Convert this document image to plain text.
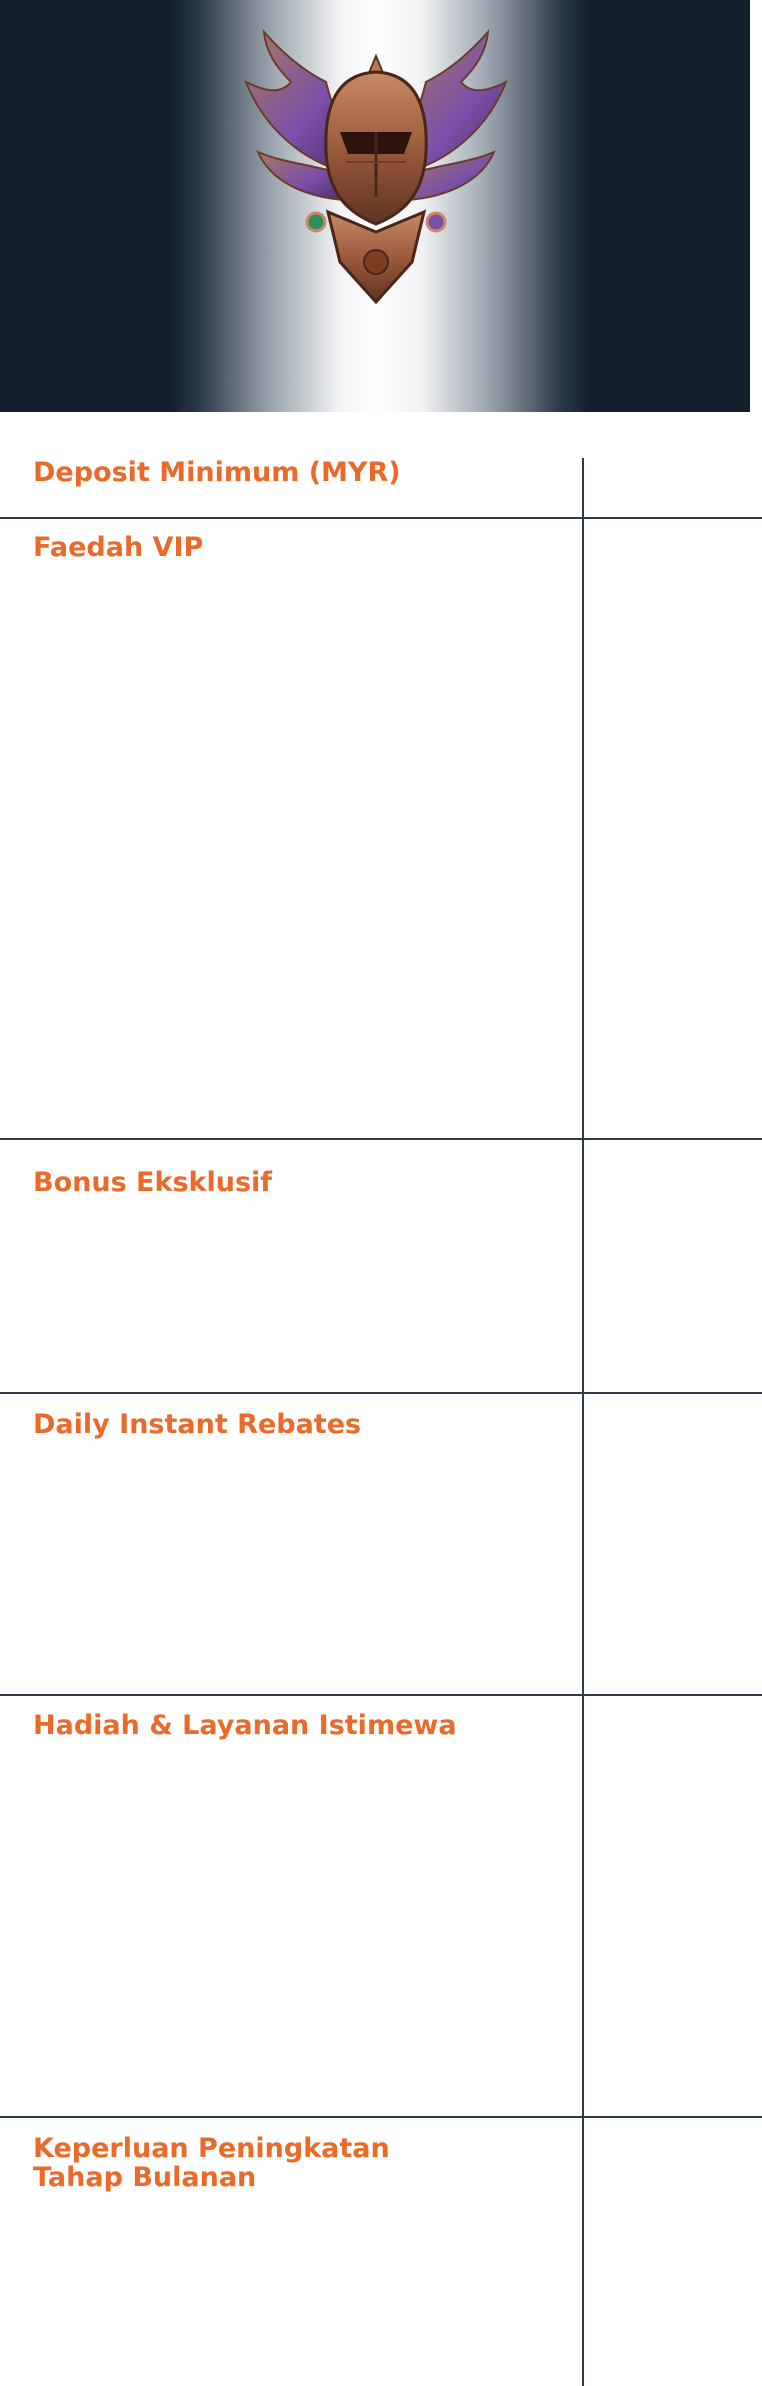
B
Deposit Minimum (MYR)
Faedah VIP
Bonus Eksklusif
Daily Instant Rebates
Hadiah & Layanan Istimewa
Keperluan Peningkatan
Tahap Bulanan
